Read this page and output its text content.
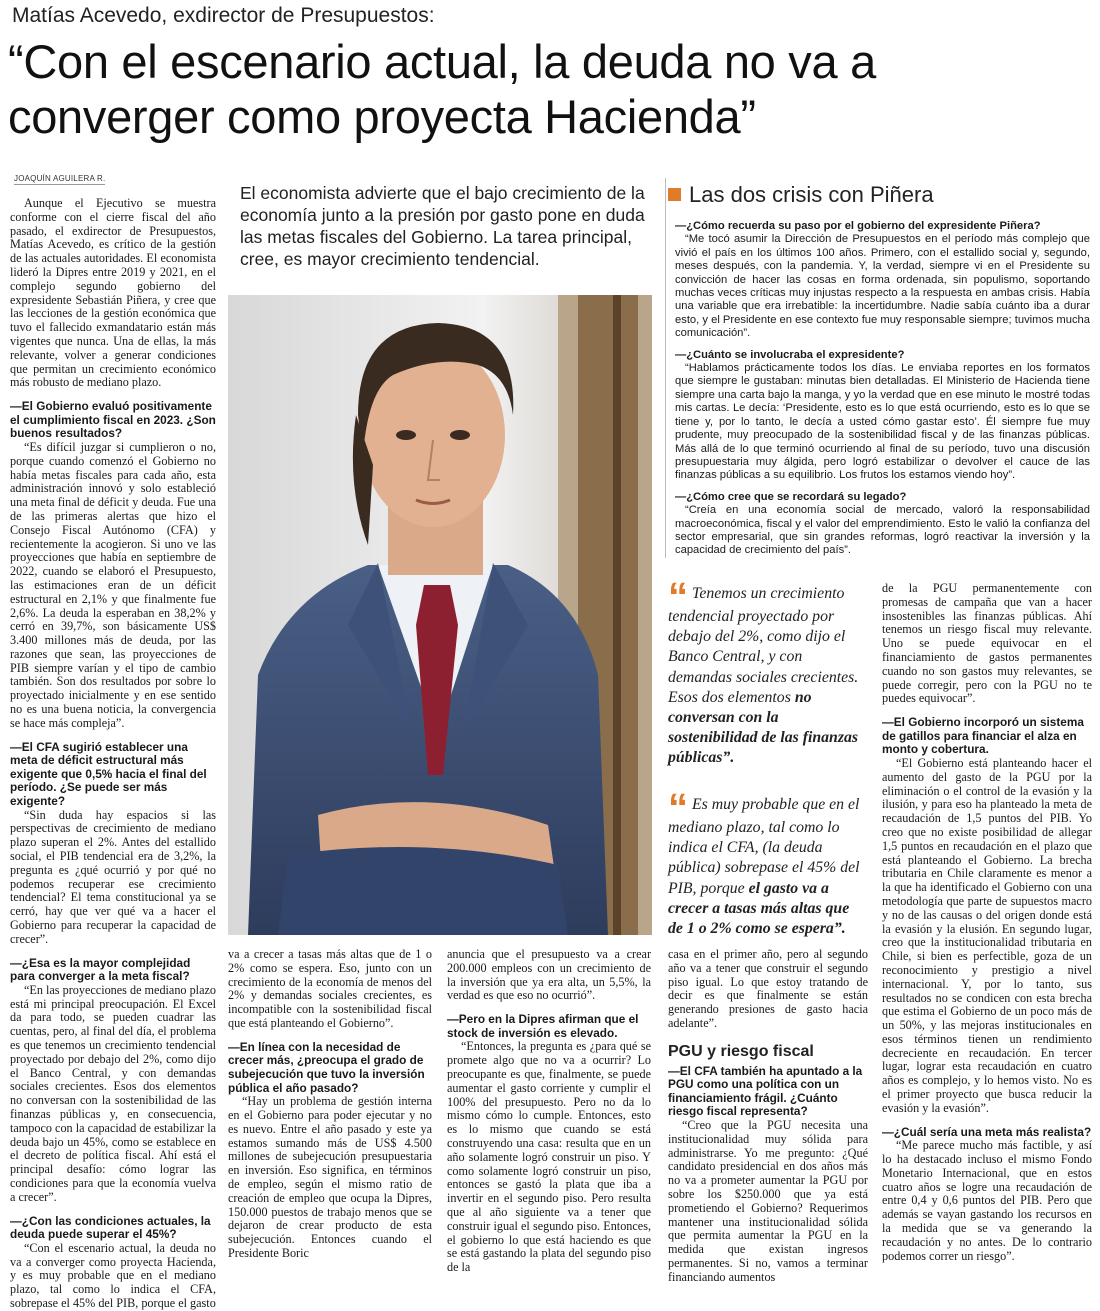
Matías Acevedo, exdirector de Presupuestos:
“Con el escenario actual, la deuda no va a converger como proyecta Hacienda”
JOAQUÍN AGUILERA R.

Aunque el Ejecutivo se muestra conforme con el cierre fiscal del año pasado, el exdirector de Presupuestos, Matías Acevedo, es crítico de la gestión de las actuales autoridades. El economista lideró la Dipres entre 2019 y 2021, en el complejo segundo gobierno del expresidente Sebastián Piñera, y cree que las lecciones de la gestión económica que tuvo el fallecido exmandatario están más vigentes que nunca. Una de ellas, la más relevante, volver a generar condiciones que permitan un crecimiento económico más robusto de mediano plazo.

—El Gobierno evaluó positivamente el cumplimiento fiscal en 2023. ¿Son buenos resultados?

“Es difícil juzgar si cumplieron o no, porque cuando comenzó el Gobierno no había metas fiscales para cada año, esta administración innovó y solo estableció una meta final de déficit y deuda. Fue una de las primeras alertas que hizo el Consejo Fiscal Autónomo (CFA) y recientemente la acogieron. Si uno ve las proyecciones que había en septiembre de 2022, cuando se elaboró el Presupuesto, las estimaciones eran de un déficit estructural en 2,1% y que finalmente fue 2,6%. La deuda la esperaban en 38,2% y cerró en 39,7%, son básicamente US$ 3.400 millones más de deuda, por las razones que sean, las proyecciones de PIB siempre varían y el tipo de cambio también. Son dos resultados por sobre lo proyectado inicialmente y en ese sentido no es una buena noticia, la convergencia se hace más compleja”.

—El CFA sugirió establecer una meta de déficit estructural más exigente que 0,5% hacia el final del período. ¿Se puede ser más exigente?

“Sin duda hay espacios si las perspectivas de crecimiento de mediano plazo superan el 2%. Antes del estallido social, el PIB tendencial era de 3,2%, la pregunta es ¿qué ocurrió y por qué no podemos recuperar ese crecimiento tendencial? El tema constitucional ya se cerró, hay que ver qué va a hacer el Gobierno para recuperar la capacidad de crecer”.

—¿Esa es la mayor complejidad para converger a la meta fiscal?

“En las proyecciones de mediano plazo está mi principal preocupación. El Excel da para todo, se pueden cuadrar las cuentas, pero, al final del día, el problema es que tenemos un crecimiento tendencial proyectado por debajo del 2%, como dijo el Banco Central, y con demandas sociales crecientes. Esos dos elementos no conversan con la sostenibilidad de las finanzas públicas y, en consecuencia, tampoco con la capacidad de estabilizar la deuda bajo un 45%, como se establece en el decreto de política fiscal. Ahí está el principal desafío: cómo lograr las condiciones para que la economía vuelva a crecer”.

—¿Con las condiciones actuales, la deuda puede superar el 45%?

“Con el escenario actual, la deuda no va a converger como proyecta Hacienda, y es muy probable que en el mediano plazo, tal como lo indica el CFA, sobrepase el 45% del PIB, porque el gasto

El economista advierte que el bajo crecimiento de la economía junto a la presión por gasto pone en duda las metas fiscales del Gobierno. La tarea principal, cree, es mayor crecimiento tendencial.

va a crecer a tasas más altas que de 1 o 2% como se espera. Eso, junto con un crecimiento de la economía de menos del 2% y demandas sociales crecientes, es incompatible con la sostenibilidad fiscal que está planteando el Gobierno”.

—En línea con la necesidad de crecer más, ¿preocupa el grado de subejecución que tuvo la inversión pública el año pasado?

“Hay un problema de gestión interna en el Gobierno para poder ejecutar y no es nuevo. Entre el año pasado y este ya estamos sumando más de US$ 4.500 millones de subejecución presupuestaria en inversión. Eso significa, en términos de empleo, según el mismo ratio de creación de empleo que ocupa la Dipres, 150.000 puestos de trabajo menos que se dejaron de crear producto de esta subejecución. Entonces cuando el Presidente Boric

anuncia que el presupuesto va a crear 200.000 empleos con un crecimiento de la inversión que ya era alta, un 5,5%, la verdad es que eso no ocurrió”.

—Pero en la Dipres afirman que el stock de inversión es elevado.

“Entonces, la pregunta es ¿para qué se promete algo que no va a ocurrir? Lo preocupante es que, finalmente, se puede aumentar el gasto corriente y cumplir el 100% del presupuesto. Pero no da lo mismo cómo lo cumple. Entonces, esto es lo mismo que cuando se está construyendo una casa: resulta que en un año solamente logró construir un piso. Y como solamente logró construir un piso, entonces se gastó la plata que iba a invertir en el segundo piso. Pero resulta que al año siguiente va a tener que construir igual el segundo piso. Entonces, el gobierno lo que está haciendo es que se está gastando la plata del segundo piso de la

Las dos crisis con Piñera

—¿Cómo recuerda su paso por el gobierno del expresidente Piñera?

“Me tocó asumir la Dirección de Presupuestos en el período más complejo que vivió el país en los últimos 100 años. Primero, con el estallido social y, segundo, meses después, con la pandemia. Y, la verdad, siempre vi en el Presidente su convicción de hacer las cosas en forma ordenada, sin populismo, soportando muchas veces críticas muy injustas respecto a la respuesta en ambas crisis. Había una variable que era irrebatible: la incertidumbre. Nadie sabía cuánto iba a durar esto, y el Presidente en ese contexto fue muy responsable siempre; tuvimos mucha comunicación”.

—¿Cuánto se involucraba el expresidente?

“Hablamos prácticamente todos los días. Le enviaba reportes en los formatos que siempre le gustaban: minutas bien detalladas. El Ministerio de Hacienda tiene siempre una carta bajo la manga, y yo la verdad que en ese minuto le mostré todas mis cartas. Le decía: ‘Presidente, esto es lo que está ocurriendo, esto es lo que se tiene y, por lo tanto, le decía a usted cómo gastar esto’. Él siempre fue muy prudente, muy preocupado de la sostenibilidad fiscal y de las finanzas públicas. Más allá de lo que terminó ocurriendo al final de su período, tuvo una discusión presupuestaria muy álgida, pero logró estabilizar o devolver el cauce de las finanzas públicas a su equilibrio. Los frutos los estamos viendo hoy”.

—¿Cómo cree que se recordará su legado?

“Creía en una economía social de mercado, valoró la responsabilidad macroeconómica, fiscal y el valor del emprendimiento. Esto le valió la confianza del sector empresarial, que sin grandes reformas, logró reactivar la inversión y la capacidad de crecimiento del país”.

“ Tenemos un crecimiento tendencial proyectado por debajo del 2%, como dijo el Banco Central, y con demandas sociales crecientes. Esos dos elementos no conversan con la sostenibilidad de las finanzas públicas”.
“ Es muy probable que en el mediano plazo, tal como lo indica el CFA, (la deuda pública) sobrepase el 45% del PIB, porque el gasto va a crecer a tasas más altas que de 1 o 2% como se espera”.

casa en el primer año, pero al segundo año va a tener que construir el segundo piso igual. Lo que estoy tratando de decir es que finalmente se están generando presiones de gasto hacia adelante”.

PGU y riesgo fiscal

—El CFA también ha apuntado a la PGU como una política con un financiamiento frágil. ¿Cuánto riesgo fiscal representa?

“Creo que la PGU necesita una institucionalidad muy sólida para administrarse. Yo me pregunto: ¿Qué candidato presidencial en dos años más no va a prometer aumentar la PGU por sobre los $250.000 que ya está prometiendo el Gobierno? Requerimos mantener una institucionalidad sólida que permita aumentar la PGU en la medida que existan ingresos permanentes. Si no, vamos a terminar financiando aumentos

de la PGU permanentemente con promesas de campaña que van a hacer insostenibles las finanzas públicas. Ahí tenemos un riesgo fiscal muy relevante. Uno se puede equivocar en el financiamiento de gastos permanentes cuando no son gastos muy relevantes, se puede corregir, pero con la PGU no te puedes equivocar”.

—El Gobierno incorporó un sistema de gatillos para financiar el alza en monto y cobertura.

“El Gobierno está planteando hacer el aumento del gasto de la PGU por la eliminación o el control de la evasión y la ilusión, y para eso ha planteado la meta de recaudación de 1,5 puntos del PIB. Yo creo que no existe posibilidad de allegar 1,5 puntos en recaudación en el plazo que está planteando el Gobierno. La brecha tributaria en Chile claramente es menor a la que ha identificado el Gobierno con una metodología que parte de supuestos macro y no de las causas o del origen donde está la evasión y la elusión. En segundo lugar, creo que la institucionalidad tributaria en Chile, si bien es perfectible, goza de un reconocimiento y prestigio a nivel internacional. Y, por lo tanto, sus resultados no se condicen con esta brecha que estima el Gobierno de un poco más de un 50%, y las mejoras institucionales en esos términos tienen un rendimiento decreciente en recaudación. En tercer lugar, lograr esta recaudación en cuatro años es complejo, y lo hemos visto. No es el primer proyecto que busca reducir la evasión y la evasión”.

—¿Cuál sería una meta más realista?

“Me parece mucho más factible, y así lo ha destacado incluso el mismo Fondo Monetario Internacional, que en estos cuatro años se logre una recaudación de entre 0,4 y 0,6 puntos del PIB. Pero que además se vayan gastando los recursos en la medida que se va generando la recaudación y no antes. De lo contrario podemos correr un riesgo”.
